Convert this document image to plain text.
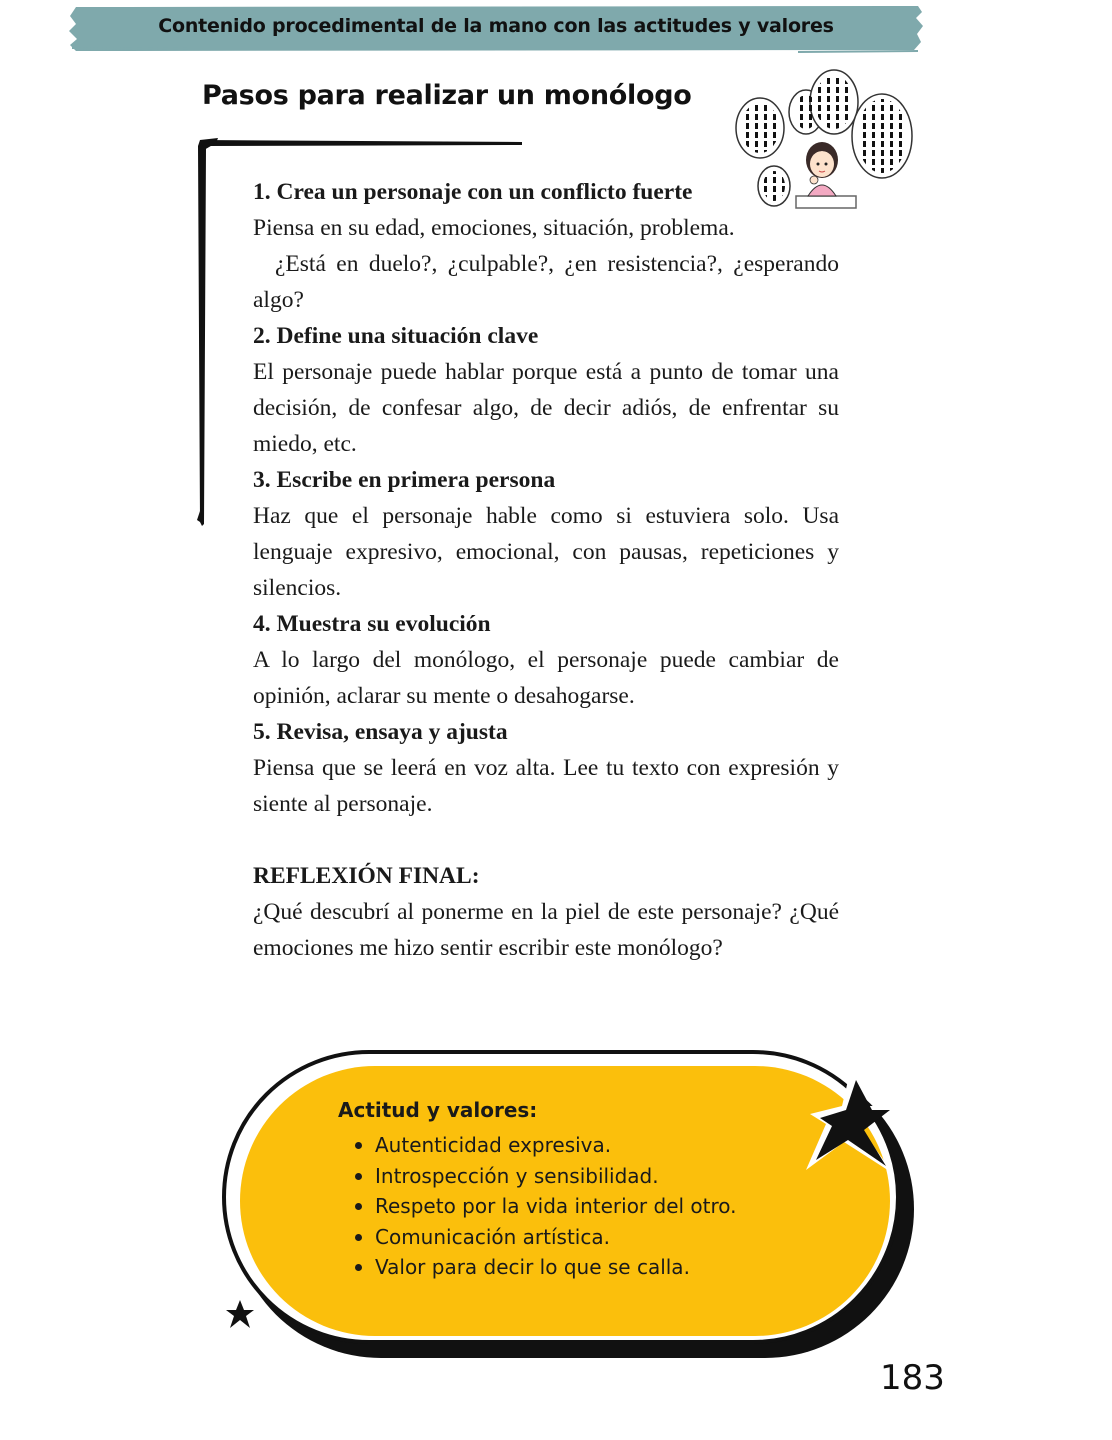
Contenido procedimental de la mano con las actitudes y valores
Pasos para realizar un monólogo

1. Crea un personaje con un conflicto fuerte

Piensa en su edad, emociones, situación, problema.

¿Está en duelo?, ¿culpable?, ¿en resistencia?, ¿esperando algo?

2. Define una situación clave

El personaje puede hablar porque está a punto de tomar una decisión, de confesar algo, de decir adiós, de enfrentar su miedo, etc.

3. Escribe en primera persona

Haz que el personaje hable como si estuviera solo. Usa lenguaje expresivo, emocional, con pausas, repeticiones y silencios.

4. Muestra su evolución

A lo largo del monólogo, el personaje puede cambiar de opinión, aclarar su mente o desahogarse.

5. Revisa, ensaya y ajusta

Piensa que se leerá en voz alta. Lee tu texto con expresión y siente al personaje.

REFLEXIÓN FINAL:

¿Qué descubrí al ponerme en la piel de este personaje? ¿Qué emociones me hizo sentir escribir este monólogo?

Actitud y valores:
Autenticidad expresiva.
Introspección y sensibilidad.
Respeto por la vida interior del otro.
Comunicación artística.
Valor para decir lo que se calla.
183
